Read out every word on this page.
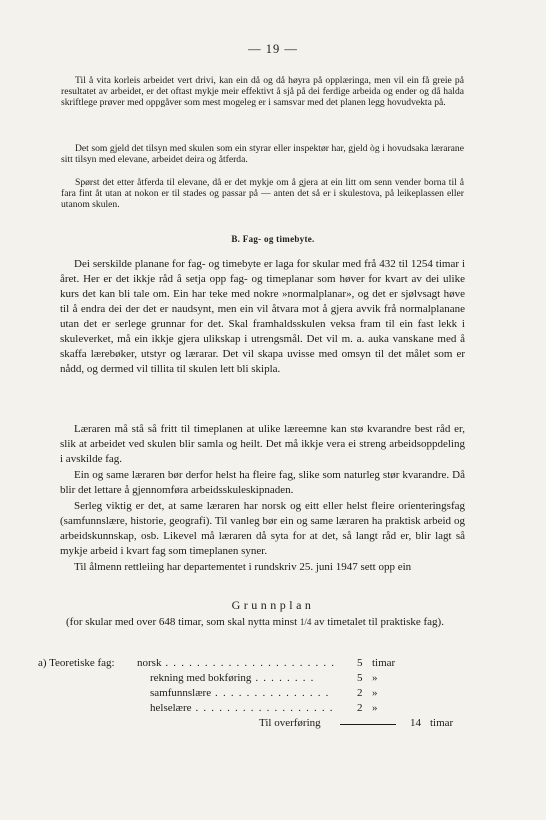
— 19 —
Til å vita korleis arbeidet vert drivi, kan ein då og då høyra på opplæringa, men vil ein få greie på resultatet av arbeidet, er det oftast mykje meir effektivt å sjå på dei ferdige arbeida og ender og då halda skriftlege prøver med oppgåver som mest mogeleg er i samsvar med det planen legg hovudvekta på.
Det som gjeld det tilsyn med skulen som ein styrar eller inspektør har, gjeld òg i hovudsaka lærarane sitt tilsyn med elevane, arbeidet deira og åtferda.
Spørst det etter åtferda til elevane, då er det mykje om å gjera at ein litt om senn vender borna til å fara fint åt utan at nokon er til stades og passar på — anten det så er i skulestova, på leikeplassen eller utanom skulen.
B. Fag- og timebyte.
Dei serskilde planane for fag- og timebyte er laga for skular med frå 432 til 1254 timar i året. Her er det ikkje råd å setja opp fag- og timeplanar som høver for kvart av dei ulike kurs det kan bli tale om. Ein har teke med nokre »normalplanar», og det er sjølvsagt høve til å endra dei der det er naudsynt, men ein vil åtvara mot å gjera avvik frå normalplanane utan det er serlege grunnar for det. Skal framhaldsskulen veksa fram til ein fast lekk i skuleverket, må ein ikkje gjera ulikskap i utrengsmål. Det vil m. a. auka vanskane med å skaffa lærebøker, utstyr og lærarar. Det vil skapa uvisse med omsyn til det målet som er nådd, og dermed vil tillita til skulen lett bli skipla.
Læraren må stå så fritt til timeplanen at ulike læreemne kan stø kvarandre best råd er, slik at arbeidet ved skulen blir samla og heilt. Det må ikkje vera ei streng arbeidsoppdeling i avskilde fag.
Ein og same læraren bør derfor helst ha fleire fag, slike som naturleg stør kvarandre. Då blir det lettare å gjennomføra arbeidsskuleskipnaden.
Serleg viktig er det, at same læraren har norsk og eitt eller helst fleire orienteringsfag (samfunnslære, historie, geografi). Til vanleg bør ein og same læraren ha praktisk arbeid og arbeidskunnskap, osb. Likevel må læraren då syta for at det, så langt råd er, blir lagt så mykje arbeid i kvart fag som timeplanen syner.
Til ålmenn rettleiing har departementet i rundskriv 25. juni 1947 sett opp ein
Grunnplan
(for skular med over 648 timar, som skal nytta minst 1/4 av timetalet til praktiske fag).
a) Teoretiske fag: norsk . . . . . . . . . . . . . . . . . . . . . . 5 timar
rekning med bokføring . . . . . . . .	5 »
samfunnslære . . . . . . . . . . . . . . . 2 »
helselære . . . . . . . . . . . . . . . . . . 2 »
Til overføring	14 timar
